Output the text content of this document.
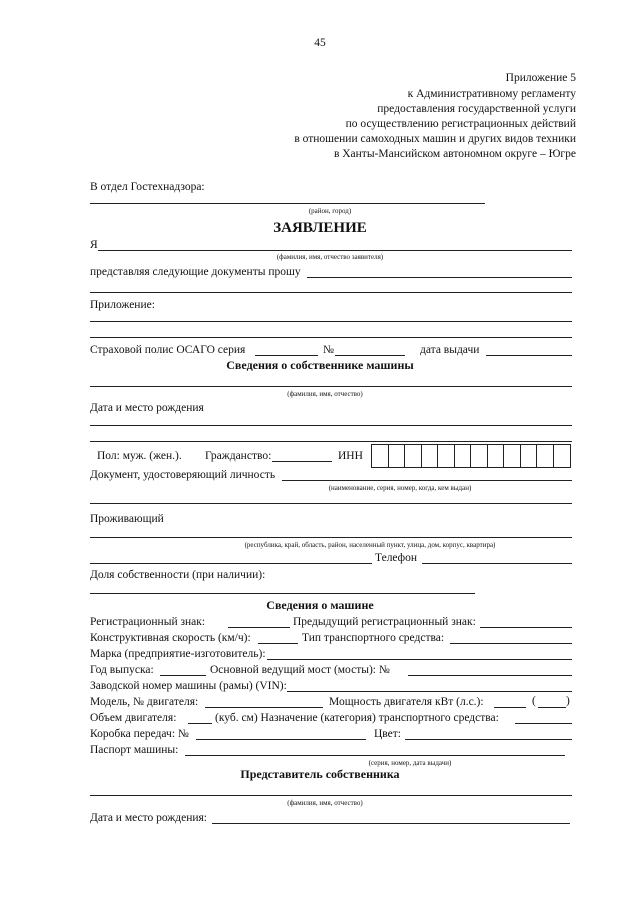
45
Приложение 5
к Административному регламенту
предоставления государственной услуги
по осуществлению регистрационных действий
в отношении самоходных машин и других видов техники
в Ханты-Мансийском автономном округе – Югре
В отдел Гостехнадзора:
(район, город)
ЗАЯВЛЕНИЕ
Я
(фамилия, имя, отчество заявителя)
представляя следующие документы прошу
Приложение:
Страховой полис ОСАГО серия	№	дата выдачи
Сведения о собственнике машины
(фамилия, имя, отчество)
Дата и место рождения
Пол: муж. (жен.). Гражданство:	ИНН
Документ, удостоверяющий личность
(наименование, серия, номер, когда, кем выдан)
Проживающий
(республика, край, область, район, населенный пункт, улица, дом, корпус, квартира)
Телефон
Доля собственности (при наличии):
Сведения о машине
Регистрационный знак:	Предыдущий регистрационный знак:
Конструктивная скорость (км/ч):	Тип транспортного средства:
Марка (предприятие-изготовитель):
Год выпуска:	Основной ведущий мост (мосты): №
Заводской номер машины (рамы) (VIN):
Модель, № двигателя:	Мощность двигателя кВт (л.с.):	(	)
Объем двигателя:	(куб. см) Назначение (категория) транспортного средства:
Коробка передач: №	Цвет:
Паспорт машины:
(серия, номер, дата выдачи)
Представитель собственника
(фамилия, имя, отчество)
Дата и место рождения:
